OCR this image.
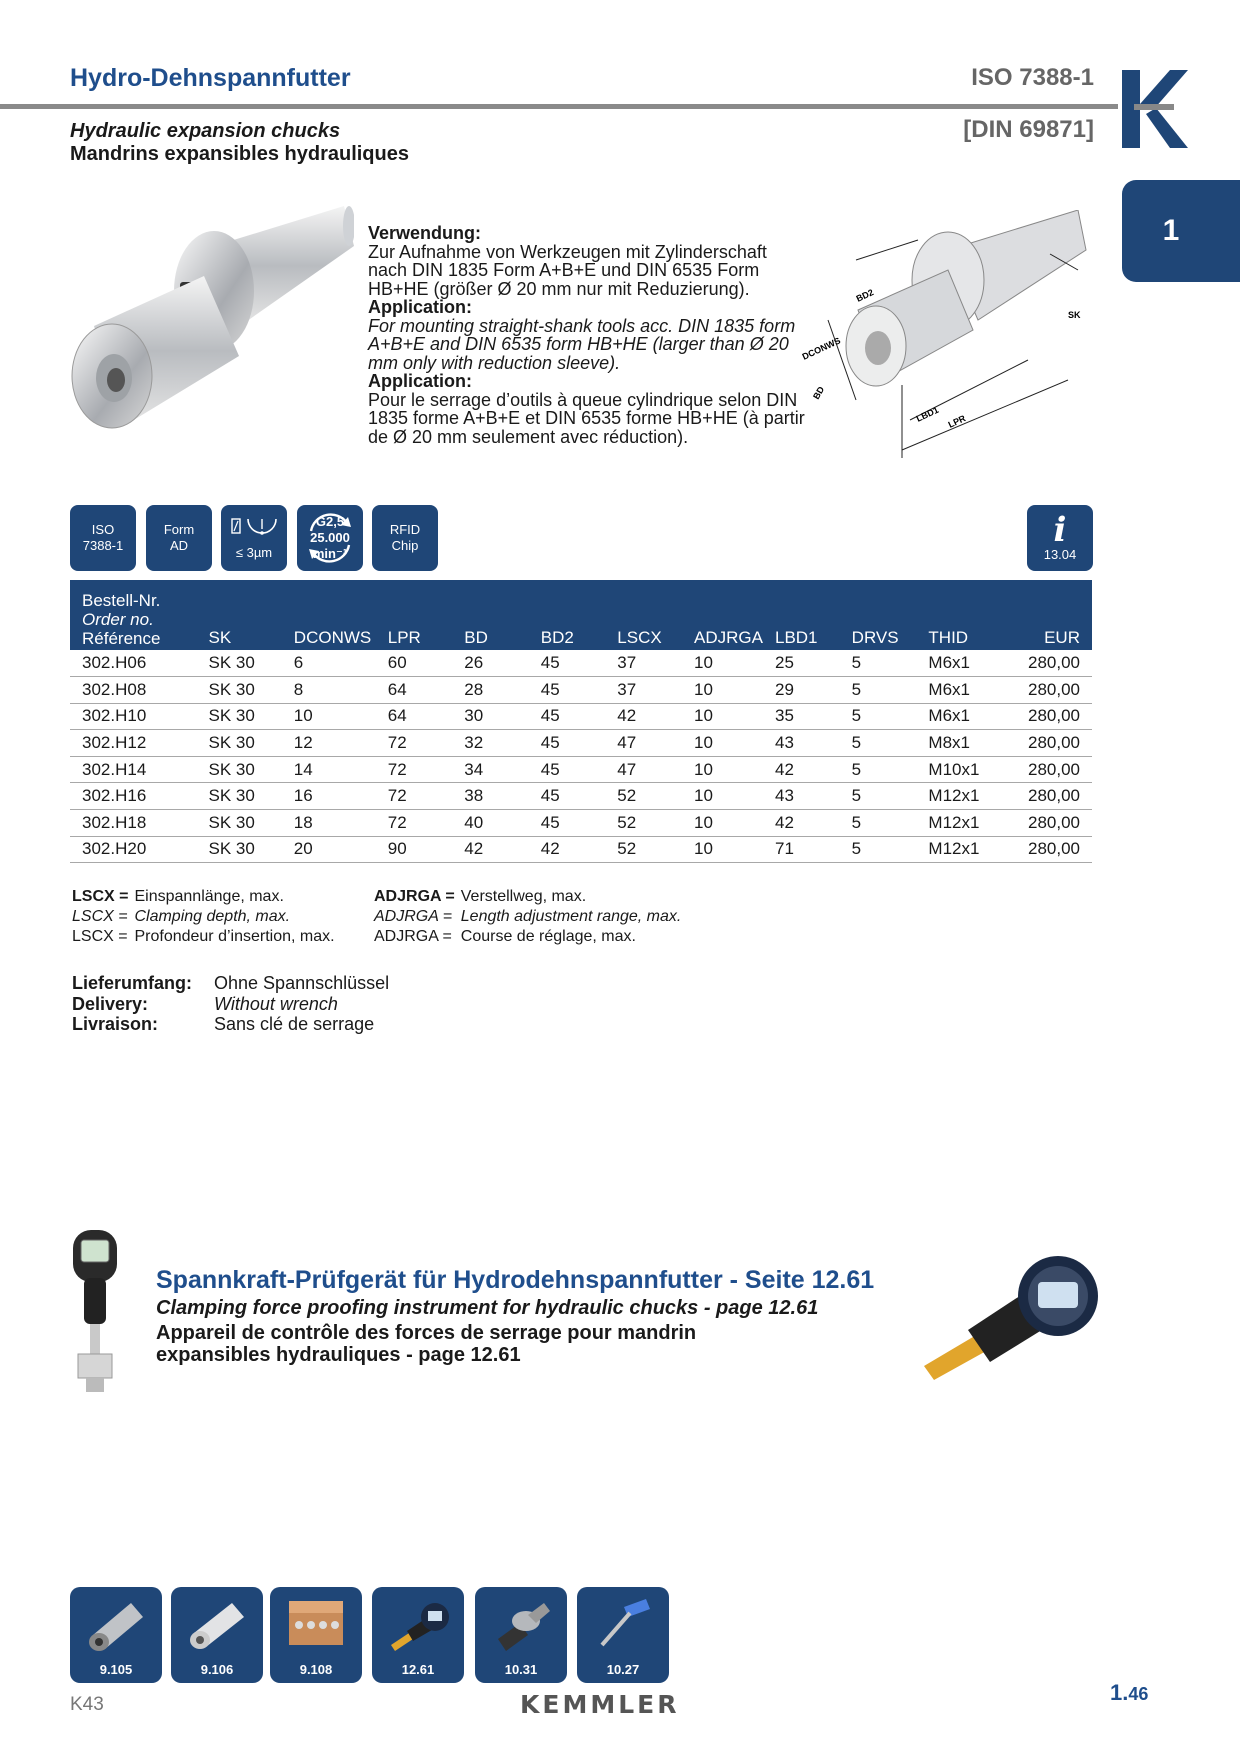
Hydro-Dehnspannfutter	ISO 7388-1
[DIN 69871]
Hydraulic expansion chucks
Mandrins expansibles hydrauliques
1
Verwendung:
Zur Aufnahme von Werkzeugen mit Zylinderschaft nach DIN 1835 Form A+B+E und DIN 6535 Form HB+HE (größer Ø 20 mm nur mit Reduzierung).
Application:
For mounting straight-shank tools acc. DIN 1835 form A+B+E and DIN 6535 form HB+HE (larger than Ø 20 mm only with reduction sleeve).
Application:
Pour le serrage d’outils à queue cylindrique selon DIN 1835 forme A+B+E et DIN 6535 forme HB+HE (à partir de Ø 20 mm seulement avec réduction).
BD2
SK
DCONWS
BD
LBD1 LPR
ISO
7388-1
Form
AD	≤ 3µm
G2,5
25.000
min⁻¹
RFID
Chip	i
13.04
Bestell-Nr.
Order no.
Référence	SK	DCONWS	LPR	BD	BD2	LSCX	ADJRGA	LBD1	DRVS	THID	EUR
302.H06	SK 30	6	60	26	45	37	10	25	5	M6x1	280,00
302.H08	SK 30	8	64	28	45	37	10	29	5	M6x1	280,00
302.H10	SK 30	10	64	30	45	42	10	35	5	M6x1	280,00
302.H12	SK 30	12	72	32	45	47	10	43	5	M8x1	280,00
302.H14	SK 30	14	72	34	45	47	10	42	5	M10x1	280,00
302.H16	SK 30	16	72	38	45	52	10	43	5	M12x1	280,00
302.H18	SK 30	18	72	40	45	52	10	42	5	M12x1	280,00
302.H20	SK 30	20	90	42	42	52	10	71	5	M12x1	280,00
LSCX =	Einspannlänge, max.
LSCX =	Clamping depth, max.
LSCX =	Profondeur d’insertion, max.
ADJRGA =	Verstellweg, max.
ADJRGA =	Length adjustment range, max.
ADJRGA =	Course de réglage, max.
Lieferumfang:	Ohne Spannschlüssel
Delivery:	Without wrench
Livraison:	Sans clé de serrage
Spannkraft-Prüfgerät für Hydrodehnspannfutter - Seite 12.61
Clamping force proofing instrument for hydraulic chucks - page 12.61
Appareil de contrôle des forces de serrage pour mandrin expansibles hydrauliques - page 12.61
9.105	9.106	9.108	12.61	10.31	10.27
K43	KEMMLER	1.46
